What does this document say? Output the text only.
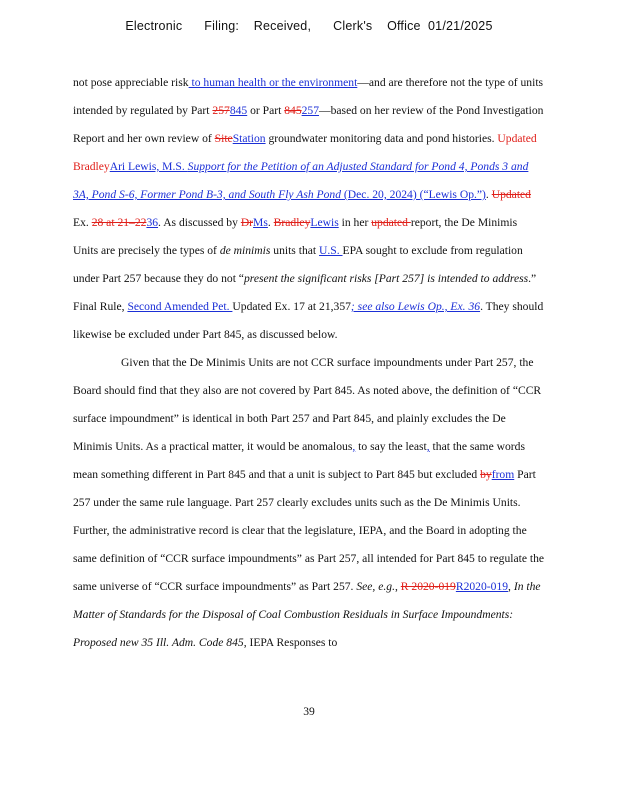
Electronic      Filing:    Received,      Clerk's    Office  01/21/2025

not pose appreciable risk to human health or the environment—and are therefore not the type of units intended by regulated by Part 257845 or Part 845257—based on her review of the Pond Investigation Report and her own review of SiteStation groundwater monitoring data and pond histories. Updated BradleyAri Lewis, M.S. Support for the Petition of an Adjusted Standard for Pond 4, Ponds 3 and 3A, Pond S-6, Former Pond B-3, and South Fly Ash Pond (Dec. 20, 2024) (“Lewis Op.”). Updated Ex. 28 at 21–2236. As discussed by DrMs. BradleyLewis in her updated report, the De Minimis Units are precisely the types of de minimis units that U.S. EPA sought to exclude from regulation under Part 257 because they do not “present the significant risks [Part 257] is intended to address.” Final Rule, Second Amended Pet. Updated Ex. 17 at 21,357; see also Lewis Op., Ex. 36. They should likewise be excluded under Part 845, as discussed below.

Given that the De Minimis Units are not CCR surface impoundments under Part 257, the Board should find that they also are not covered by Part 845. As noted above, the definition of “CCR surface impoundment” is identical in both Part 257 and Part 845, and plainly excludes the De Minimis Units. As a practical matter, it would be anomalous, to say the least, that the same words mean something different in Part 845 and that a unit is subject to Part 845 but excluded byfrom Part 257 under the same rule language. Part 257 clearly excludes units such as the De Minimis Units. Further, the administrative record is clear that the legislature, IEPA, and the Board in adopting the same definition of “CCR surface impoundments” as Part 257, all intended for Part 845 to regulate the same universe of “CCR surface impoundments” as Part 257. See, e.g., R 2020-019R2020-019, In the Matter of Standards for the Disposal of Coal Combustion Residuals in Surface Impoundments: Proposed new 35 Ill. Adm. Code 845, IEPA Responses to

39
